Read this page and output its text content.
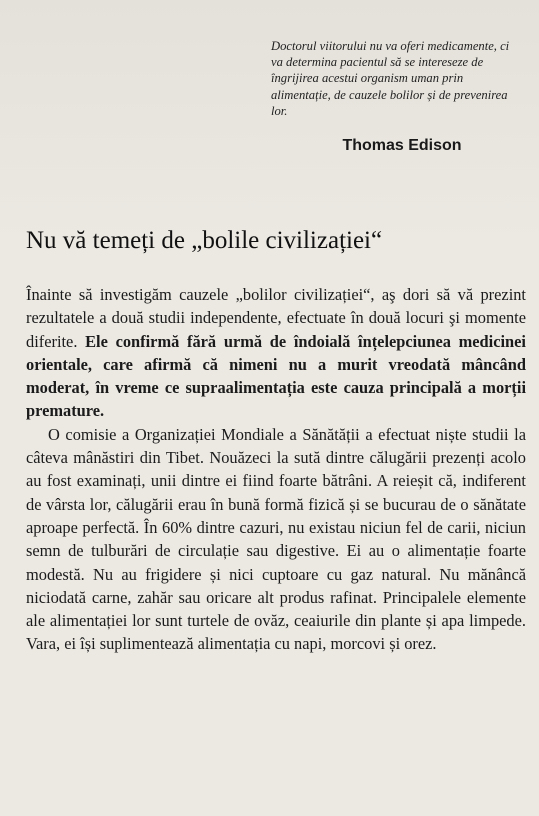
Doctorul viitorului nu va oferi medicamente, ci va determina pacientul să se intereseze de îngrijirea acestui organism uman prin alimentație, de cauzele bolilor și de prevenirea lor.

Thomas Edison
Nu vă temeți de „bolile civilizației“

Înainte să investigăm cauzele „bolilor civilizației“, aş dori să vă prezint rezultatele a două studii independente, efectuate în două locuri şi momente diferite. Ele confirmă fără urmă de îndoială înțelepciunea medicinei orientale, care afirmă că nimeni nu a murit vreodată mâncând moderat, în vreme ce supraalimentația este cauza principală a morții premature.

O comisie a Organizației Mondiale a Sănătății a efectuat niște studii la câteva mânăstiri din Tibet. Nouăzeci la sută dintre călugării prezenți acolo au fost examinați, unii dintre ei fiind foarte bătrâni. A reieșit că, indiferent de vârsta lor, călugării erau în bună formă fizică și se bucurau de o sănătate aproape perfectă. În 60% dintre cazuri, nu existau niciun fel de carii, niciun semn de tulburări de circulație sau digestive. Ei au o alimentație foarte modestă. Nu au frigidere și nici cuptoare cu gaz natural. Nu mănâncă niciodată carne, zahăr sau oricare alt produs rafinat. Principalele elemente ale alimentației lor sunt turtele de ovăz, ceaiurile din plante și apa limpede. Vara, ei își suplimentează alimentația cu napi, morcovi și orez.
